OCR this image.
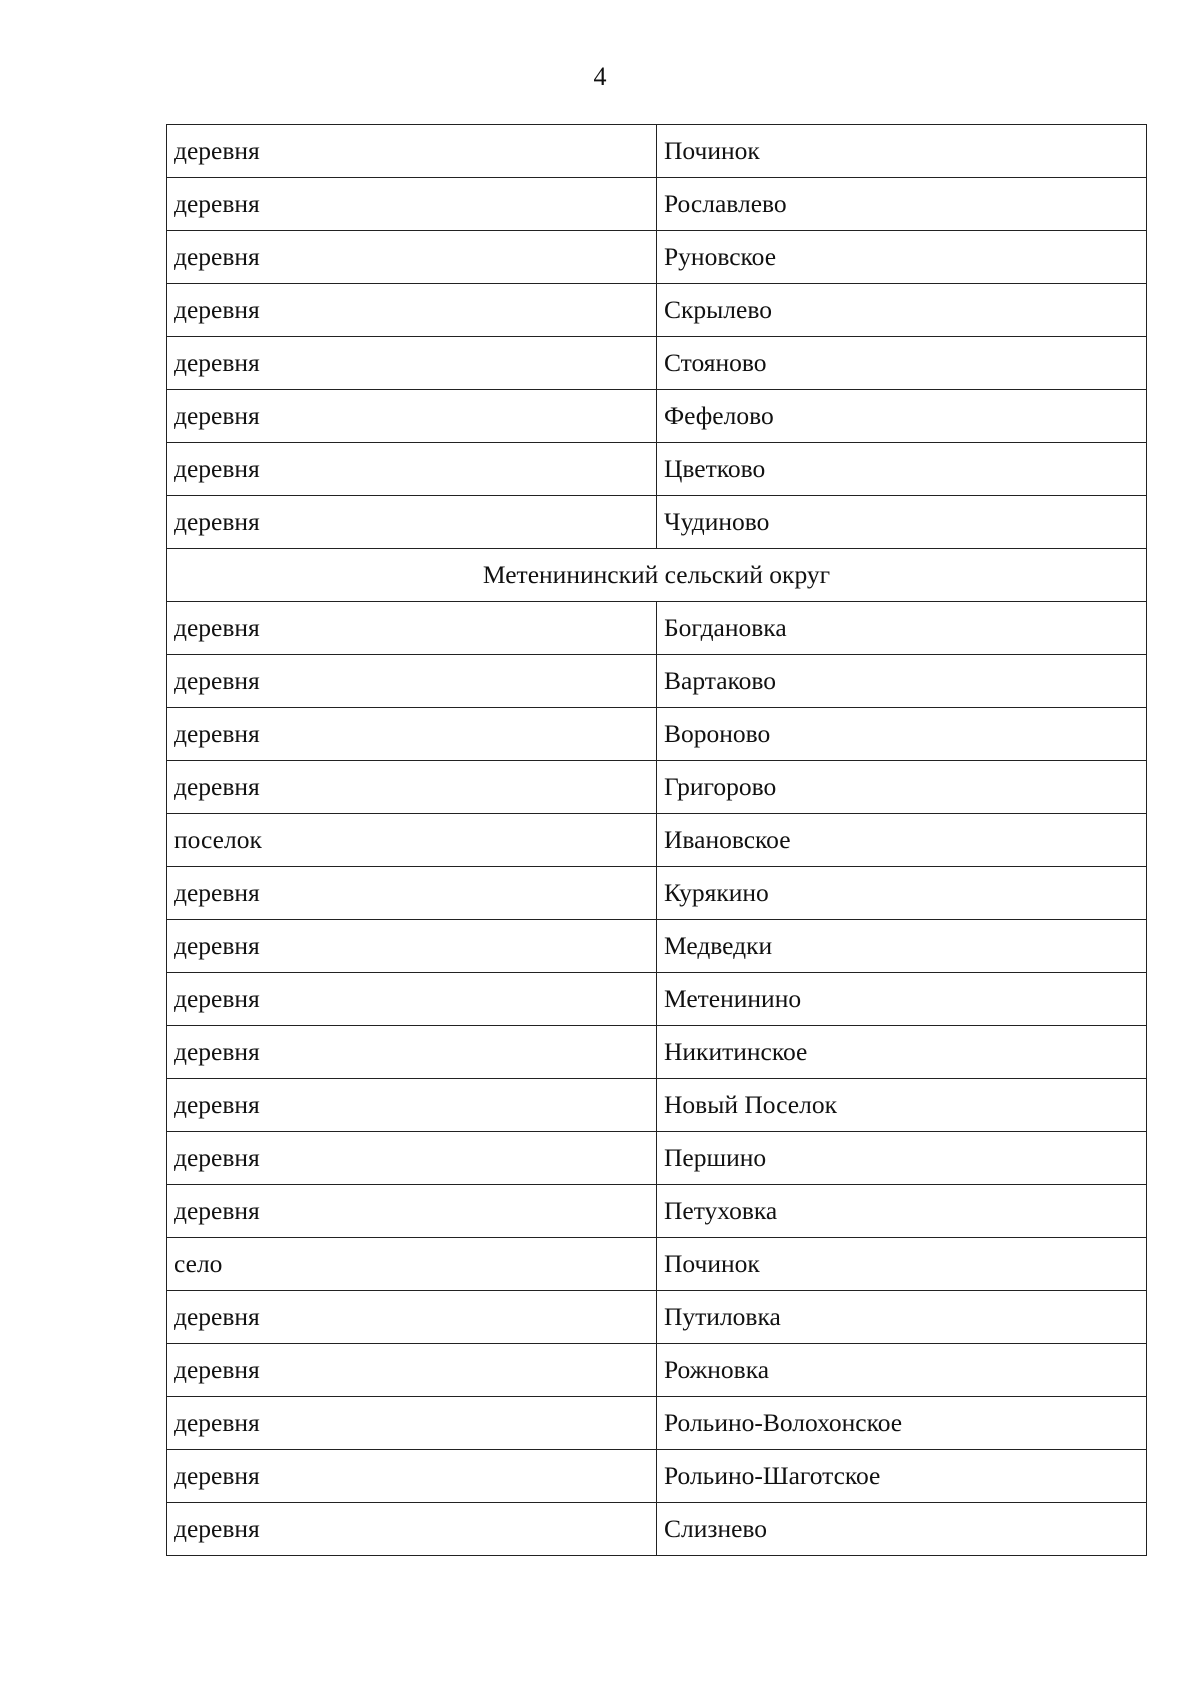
4
деревня	Починок
деревня	Рославлево
деревня	Руновское
деревня	Скрылево
деревня	Стояново
деревня	Фефелово
деревня	Цветково
деревня	Чудиново
Метенининский сельский округ	
деревня	Богдановка
деревня	Вартаково
деревня	Вороново
деревня	Григорово
поселок	Ивановское
деревня	Курякино
деревня	Медведки
деревня	Метенинино
деревня	Никитинское
деревня	Новый Поселок
деревня	Першино
деревня	Петуховка
село	Починок
деревня	Путиловка
деревня	Рожновка
деревня	Рольино-Волохонское
деревня	Рольино-Шаготское
деревня	Слизнево
